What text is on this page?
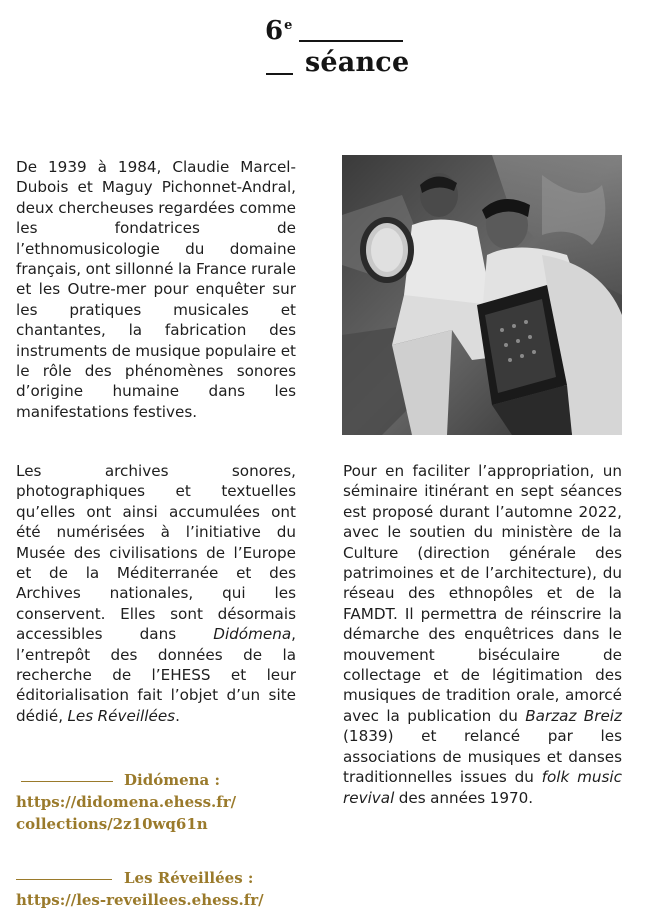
6e
séance

De 1939 à 1984, Claudie Marcel-Dubois et Maguy Pichonnet-Andral, deux chercheuses regardées comme les fondatrices de l’ethnomusicologie du domaine français, ont sillonné la France rurale et les Outre-mer pour enquêter sur les pratiques musicales et chantantes, la fabrication des instruments de musique populaire et le rôle des phénomènes sonores d’origine humaine dans les manifestations festives.

Les archives sonores, photographiques et textuelles qu’elles ont ainsi accumulées ont été numérisées à l’initiative du Musée des civilisations de l’Europe et de la Méditerranée et des Archives nationales, qui les conservent. Elles sont désormais accessibles dans Didómena, l’entrepôt des données de la recherche de l’EHESS et leur éditorialisation fait l’objet d’un site dédié, Les Réveillées.

Pour en faciliter l’appropriation, un séminaire itinérant en sept séances est proposé durant l’automne 2022, avec le soutien du ministère de la Culture (direction générale des patrimoines et de l’architecture), du réseau des ethnopôles et de la FAMDT. Il permettra de réinscrire la démarche des enquêtrices dans le mouvement biséculaire de collectage et de légitimation des musiques de tradition orale, amorcé avec la publication du Barzaz Breiz (1839) et relancé par les associations de musiques et danses traditionnelles issues du folk music revival des années 1970.

Didómena :
https://didomena.ehess.fr/
collections/2z10wq61n
Les Réveillées :
https://les-reveillees.ehess.fr/
